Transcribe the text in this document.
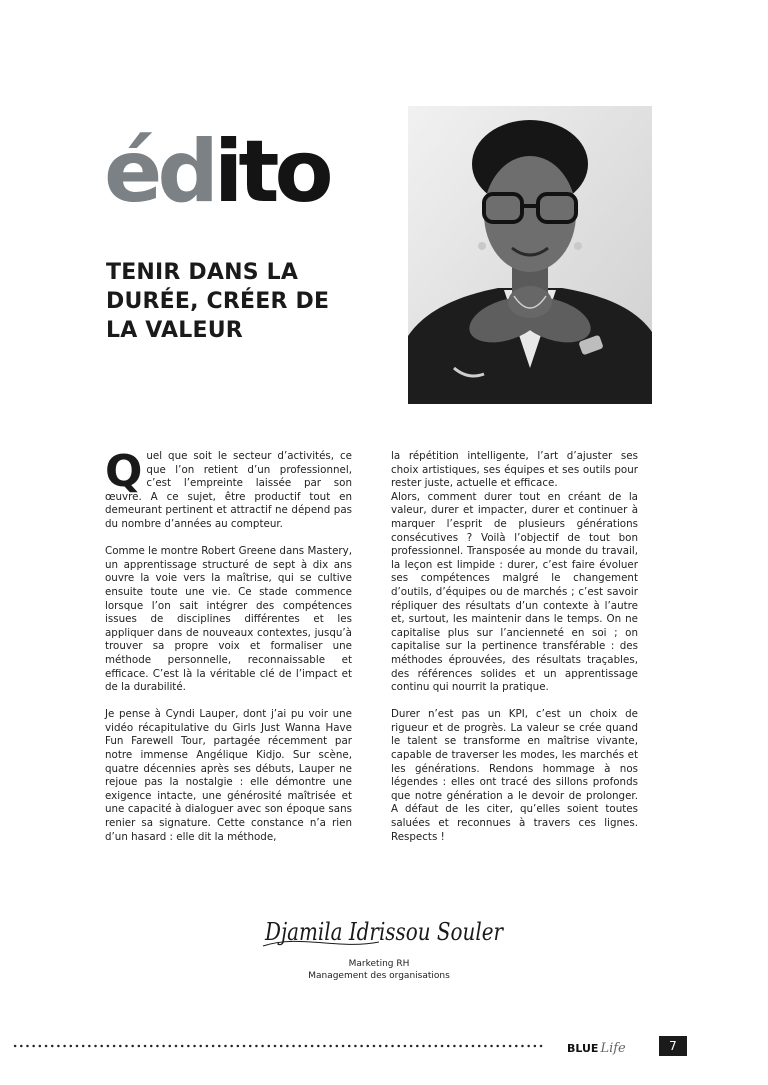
édito
TENIR DANS LA DURÉE, CRÉER DE LA VALEUR

Quel que soit le secteur d’activités, ce que l’on retient d’un professionnel, c’est l’empreinte laissée par son œuvre. A ce sujet, être productif tout en demeurant pertinent et attractif ne dépend pas du nombre d’années au compteur.

Comme le montre Robert Greene dans Mastery, un apprentissage structuré de sept à dix ans ouvre la voie vers la maîtrise, qui se cultive ensuite toute une vie. Ce stade commence lorsque l’on sait intégrer des compétences issues de disciplines différentes et les appliquer dans de nouveaux contextes, jusqu’à trouver sa propre voix et formaliser une méthode personnelle, reconnaissable et efficace. C’est là la véritable clé de l’impact et de la durabilité.

Je pense à Cyndi Lauper, dont j’ai pu voir une vidéo récapitulative du Girls Just Wanna Have Fun Farewell Tour, partagée récemment par notre immense Angélique Kidjo. Sur scène, quatre décennies après ses débuts, Lauper ne rejoue pas la nostalgie : elle démontre une exigence intacte, une générosité maîtrisée et une capacité à dialoguer avec son époque sans renier sa signature. Cette constance n’a rien d’un hasard : elle dit la méthode,

la répétition intelligente, l’art d’ajuster ses choix artistiques, ses équipes et ses outils pour rester juste, actuelle et efficace.

Alors, comment durer tout en créant de la valeur, durer et impacter, durer et continuer à marquer l’esprit de plusieurs générations consécutives ? Voilà l’objectif de tout bon professionnel. Transposée au monde du travail, la leçon est limpide : durer, c’est faire évoluer ses compétences malgré le changement d’outils, d’équipes ou de marchés ; c’est savoir répliquer des résultats d’un contexte à l’autre et, surtout, les maintenir dans le temps. On ne capitalise plus sur l’ancienneté en soi ; on capitalise sur la pertinence transférable : des méthodes éprouvées, des résultats traçables, des références solides et un apprentissage continu qui nourrit la pratique.

Durer n’est pas un KPI, c’est un choix de rigueur et de progrès. La valeur se crée quand le talent se transforme en maîtrise vivante, capable de traverser les modes, les marchés et les générations. Rendons hommage à nos légendes : elles ont tracé des sillons profonds que notre génération a le devoir de prolonger. A défaut de les citer, qu’elles soient toutes saluées et reconnues à travers ces lignes. Respects !

Djamila Idrissou Souler
Marketing RH
Management des organisations
BLUE Life	7
